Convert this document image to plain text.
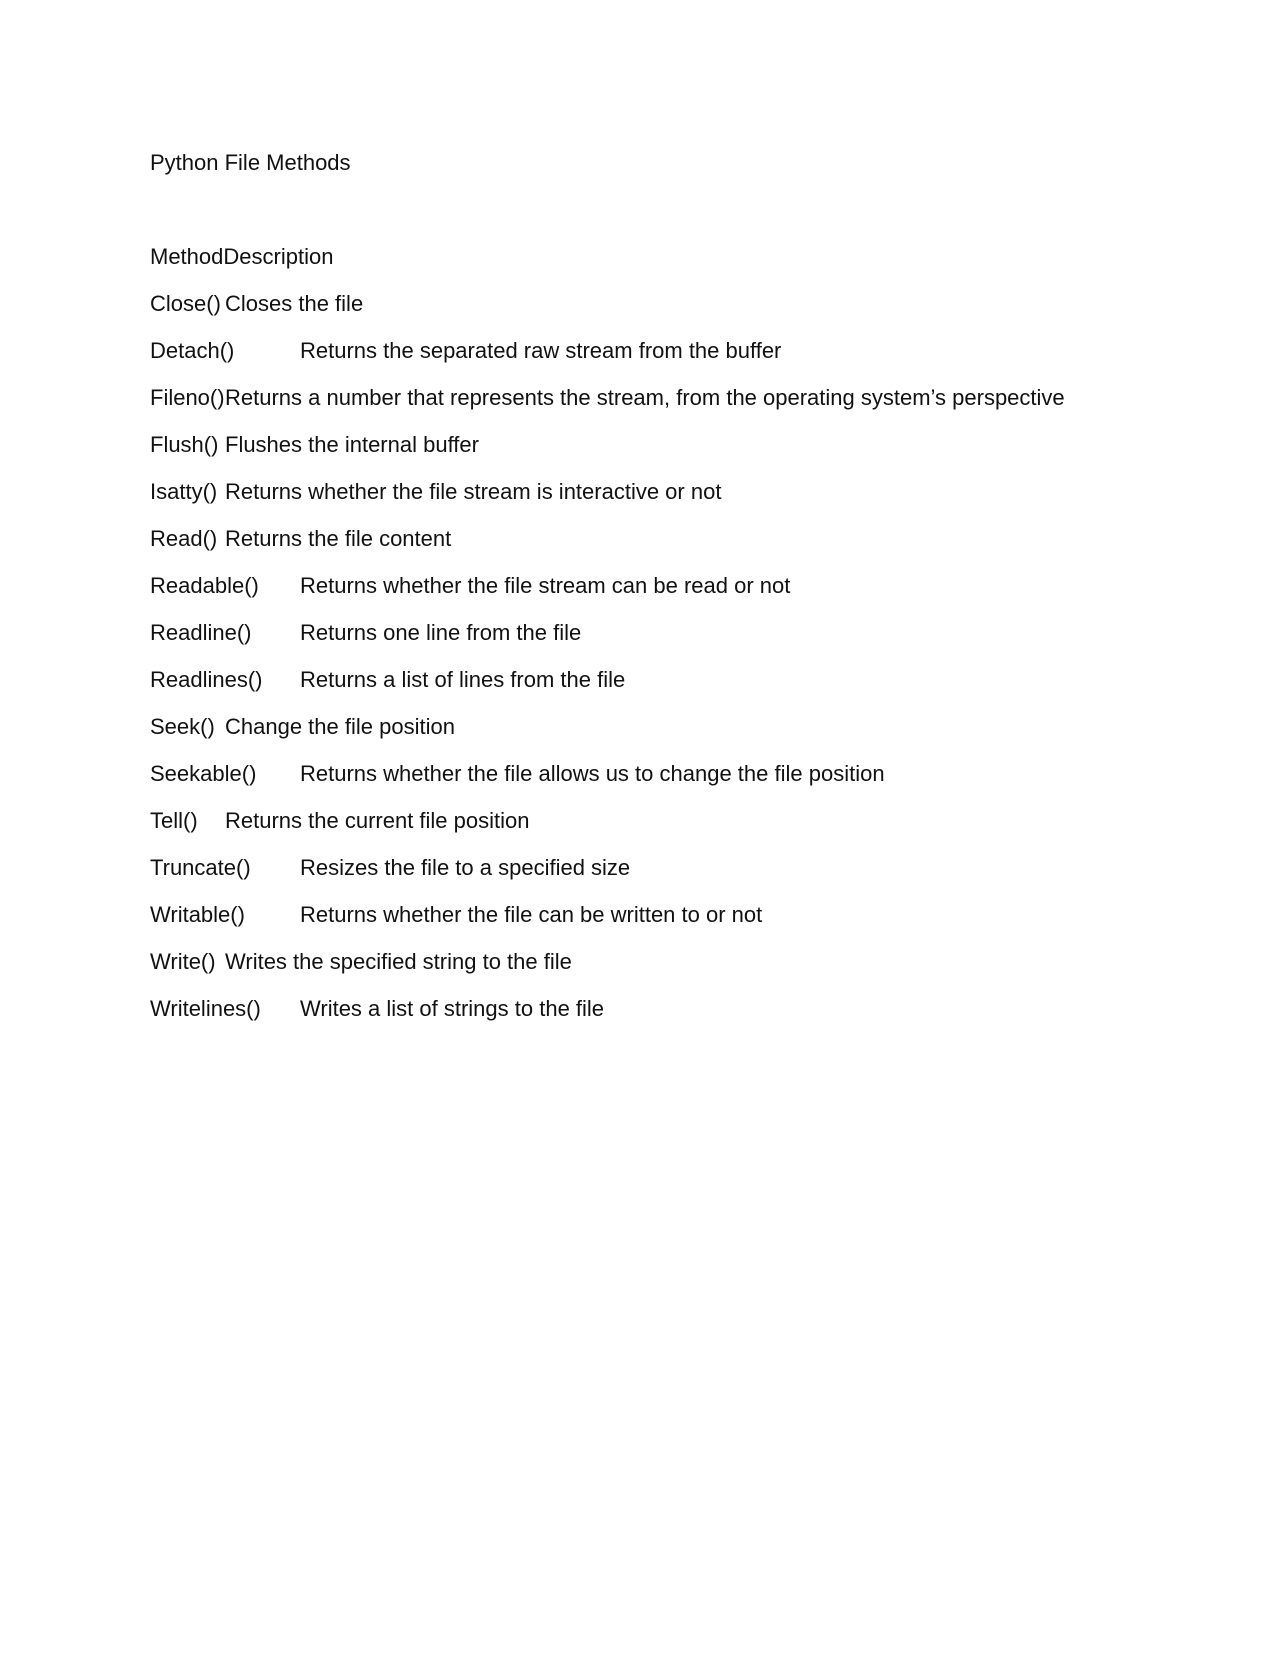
Python File Methods
MethodDescription
Close() Closes the file
Detach()	Returns the separated raw stream from the buffer
Fileno() Returns a number that represents the stream, from the operating system’s perspective
Flush() Flushes the internal buffer
Isatty() Returns whether the file stream is interactive or not
Read() Returns the file content
Readable() Returns whether the file stream can be read or not
Readline() Returns one line from the file
Readlines() Returns a list of lines from the file
Seek() Change the file position
Seekable() Returns whether the file allows us to change the file position
Tell() Returns the current file position
Truncate() Resizes the file to a specified size
Writable()	Returns whether the file can be written to or not
Write() Writes the specified string to the file
Writelines() Writes a list of strings to the file
